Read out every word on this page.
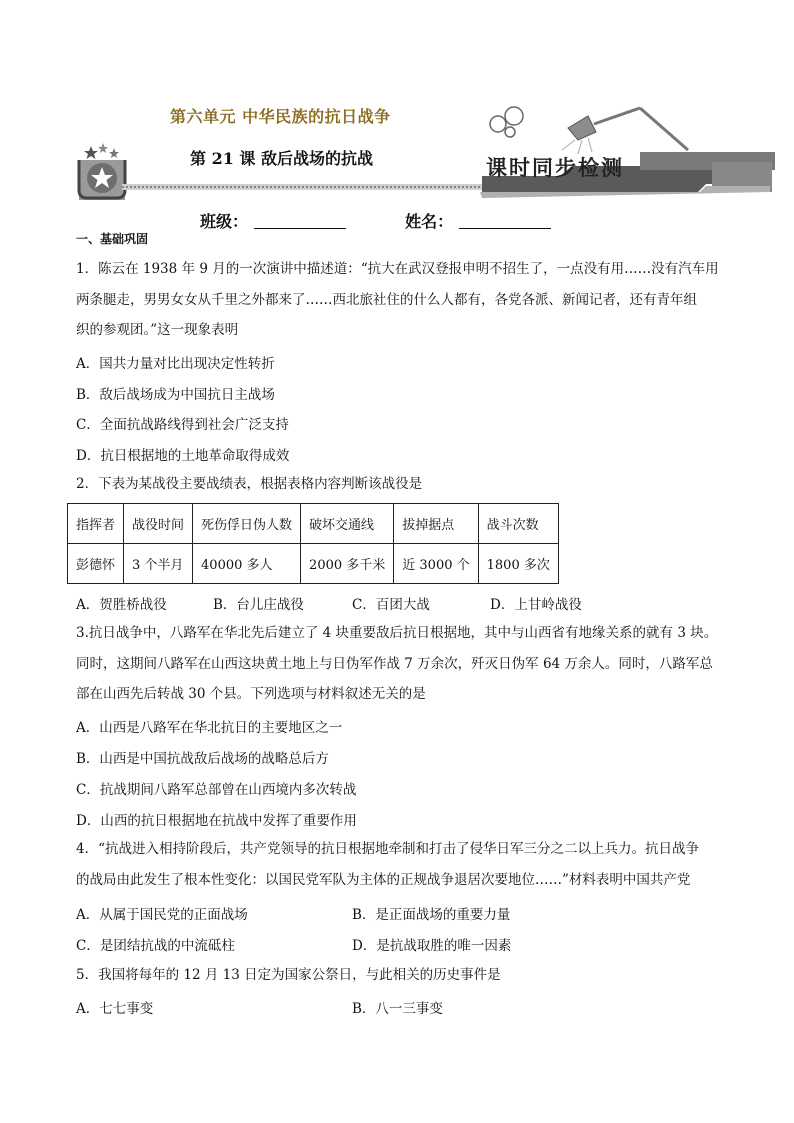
第六单元 中华民族的抗日战争
第 21 课 敌后战场的抗战	课时同步检测
班级：	姓名：
一、基础巩固
1．陈云在 1938 年 9 月的一次演讲中描述道：“抗大在武汉登报申明不招生了，一点没有用……没有汽车用
两条腿走，男男女女从千里之外都来了……西北旅社住的什么人都有，各党各派、新闻记者，还有青年组
织的参观团。”这一现象表明
A．国共力量对比出现决定性转折
B．敌后战场成为中国抗日主战场
C．全面抗战路线得到社会广泛支持
D．抗日根据地的土地革命取得成效
2．下表为某战役主要战绩表，根据表格内容判断该战役是
指挥者	战役时间	死伤俘日伪人数	破坏交通线	拔掉据点	战斗次数
彭德怀	3 个半月	40000 多人	2000 多千米	近 3000 个	1800 多次
A．贺胜桥战役	B．台儿庄战役	C．百团大战	D．上甘岭战役
3.抗日战争中，八路军在华北先后建立了 4 块重要敌后抗日根据地，其中与山西省有地缘关系的就有 3 块。
同时，这期间八路军在山西这块黄土地上与日伪军作战 7 万余次，歼灭日伪军 64 万余人。同时，八路军总
部在山西先后转战 30 个县。下列选项与材料叙述无关的是
A．山西是八路军在华北抗日的主要地区之一
B．山西是中国抗战敌后战场的战略总后方
C．抗战期间八路军总部曾在山西境内多次转战
D．山西的抗日根据地在抗战中发挥了重要作用
4．“抗战进入相持阶段后，共产党领导的抗日根据地牵制和打击了侵华日军三分之二以上兵力。抗日战争
的战局由此发生了根本性变化：以国民党军队为主体的正规战争退居次要地位……”材料表明中国共产党
A．从属于国民党的正面战场	B．是正面战场的重要力量
C．是团结抗战的中流砥柱	D．是抗战取胜的唯一因素
5．我国将每年的 12 月 13 日定为国家公祭日，与此相关的历史事件是
A．七七事变	B．八一三事变
